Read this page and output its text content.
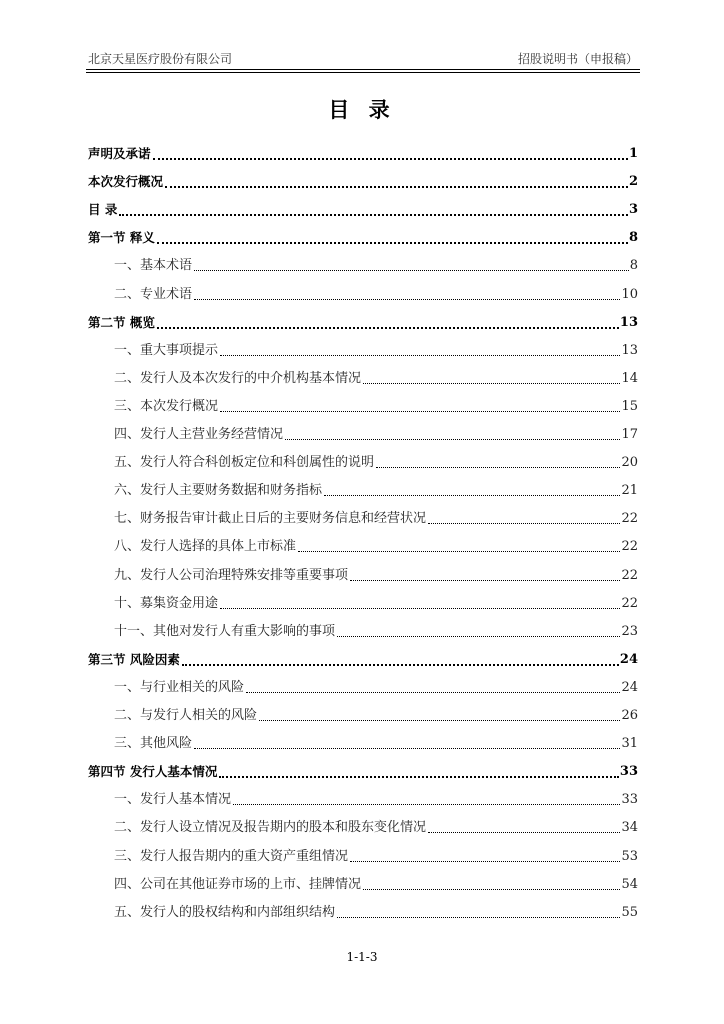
北京天星医疗股份有限公司	招股说明书（申报稿）
目 录
声明及承诺	1
本次发行概况	2
目 录	3
第一节 释义	8
一、基本术语	8
二、专业术语	10
第二节 概览	13
一、重大事项提示	13
二、发行人及本次发行的中介机构基本情况	14
三、本次发行概况	15
四、发行人主营业务经营情况	17
五、发行人符合科创板定位和科创属性的说明	20
六、发行人主要财务数据和财务指标	21
七、财务报告审计截止日后的主要财务信息和经营状况	22
八、发行人选择的具体上市标准	22
九、发行人公司治理特殊安排等重要事项	22
十、募集资金用途	22
十一、其他对发行人有重大影响的事项	23
第三节 风险因素	24
一、与行业相关的风险	24
二、与发行人相关的风险	26
三、其他风险	31
第四节 发行人基本情况	33
一、发行人基本情况	33
二、发行人设立情况及报告期内的股本和股东变化情况	34
三、发行人报告期内的重大资产重组情况	53
四、公司在其他证券市场的上市、挂牌情况	54
五、发行人的股权结构和内部组织结构	55
1-1-3
